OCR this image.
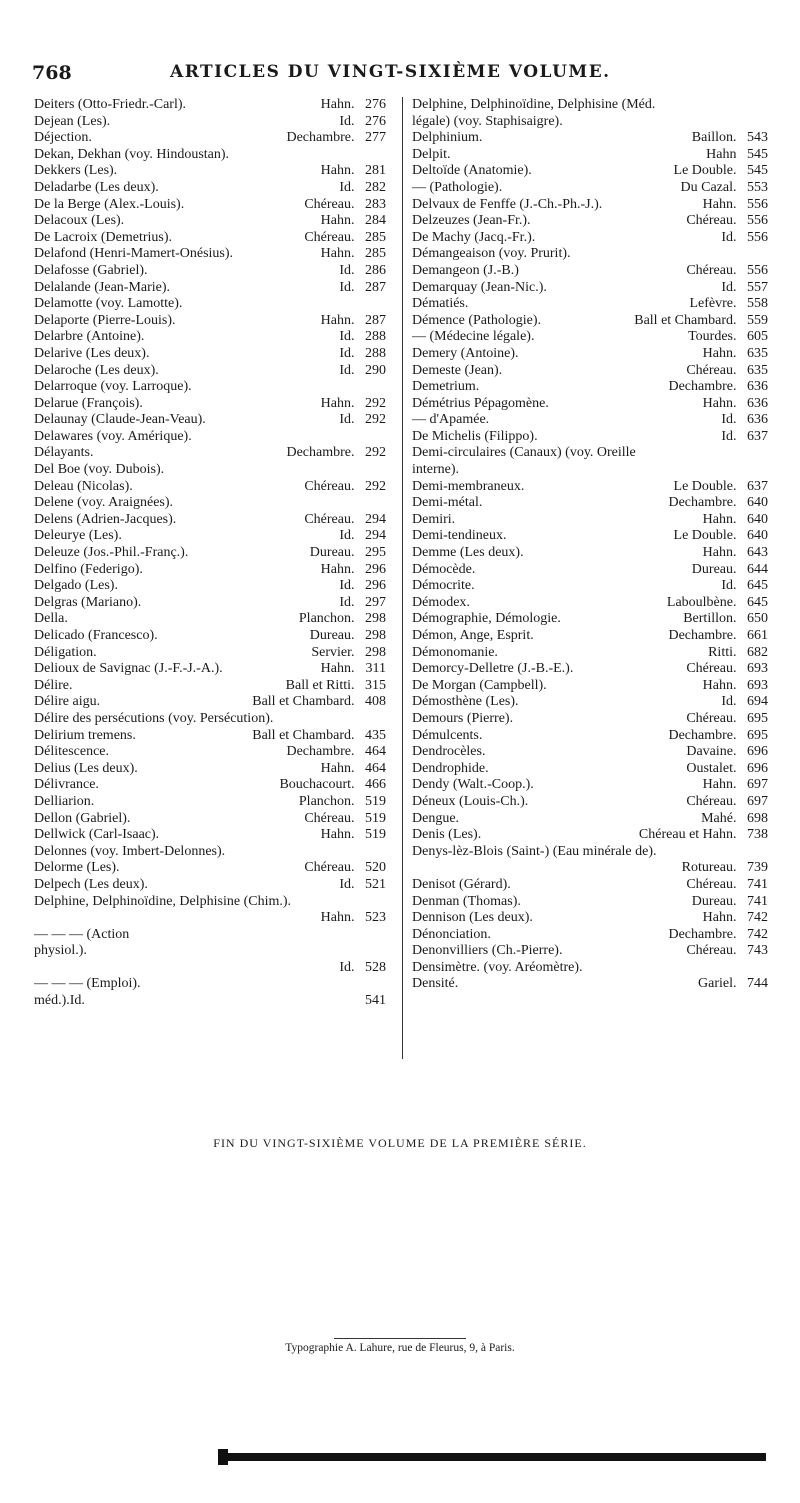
768	ARTICLES DU VINGT-SIXIÈME VOLUME.
Deiters (Otto-Friedr.-Carl).	Hahn. 276
Dejean (Les).	Id. 276
Déjection.	Dechambre. 277
Dekan, Dekhan (voy. Hindoustan).
Dekkers (Les).	Hahn. 281
Deladarbe (Les deux).	Id. 282
De la Berge (Alex.-Louis).	Chéreau. 283
Delacoux (Les).	Hahn. 284
De Lacroix (Demetrius).	Chéreau. 285
Delafond (Henri-Mamert-Onésius).	Hahn. 285
Delafosse (Gabriel).	Id. 286
Delalande (Jean-Marie).	Id. 287
Delamotte (voy. Lamotte).
Delaporte (Pierre-Louis).	Hahn. 287
Delarbre (Antoine).	Id. 288
Delarive (Les deux).	Id. 288
Delaroche (Les deux).	Id. 290
Delarroque (voy. Larroque).
Delarue (François).	Hahn. 292
Delaunay (Claude-Jean-Veau).	Id. 292
Delawares (voy. Amérique).
Délayants.	Dechambre. 292
Del Boe (voy. Dubois).
Deleau (Nicolas).	Chéreau. 292
Delene (voy. Araignées).
Delens (Adrien-Jacques).	Chéreau. 294
Deleurye (Les).	Id. 294
Deleuze (Jos.-Phil.-Franç.).	Dureau. 295
Delfino (Federigo).	Hahn. 296
Delgado (Les).	Id. 296
Delgras (Mariano).	Id. 297
Della.	Planchon. 298
Delicado (Francesco).	Dureau. 298
Déligation.	Servier. 298
Delioux de Savignac (J.-F.-J.-A.).	Hahn. 311
Délire.	Ball et Ritti. 315
Délire aigu.	Ball et Chambard. 408
Délire des persécutions (voy. Persécution).
Delirium tremens.	Ball et Chambard. 435
Délitescence.	Dechambre. 464
Delius (Les deux).	Hahn. 464
Délivrance.	Bouchacourt. 466
Delliarion.	Planchon. 519
Dellon (Gabriel).	Chéreau. 519
Dellwick (Carl-Isaac).	Hahn. 519
Delonnes (voy. Imbert-Delonnes).
Delorme (Les).	Chéreau. 520
Delpech (Les deux).	Id. 521
Delphine, Delphinoïdine, Delphisine (Chim.).
Hahn. 523
— — — (Action
physiol.).
Id. 528
— — — (Emploi).
méd.).Id.	541
Delphine, Delphinoïdine, Delphisine (Méd.
légale) (voy. Staphisaigre).
Delphinium.	Baillon. 543
Delpit.	Hahn 545
Deltoïde (Anatomie).	Le Double. 545
— (Pathologie).	Du Cazal. 553
Delvaux de Fenffe (J.-Ch.-Ph.-J.).	Hahn. 556
Delzeuzes (Jean-Fr.).	Chéreau. 556
De Machy (Jacq.-Fr.).	Id. 556
Démangeaison (voy. Prurit).
Demangeon (J.-B.)	Chéreau. 556
Demarquay (Jean-Nic.).	Id. 557
Dématiés.	Lefèvre. 558
Démence (Pathologie).	Ball et Chambard. 559
— (Médecine légale).	Tourdes. 605
Demery (Antoine).	Hahn. 635
Demeste (Jean).	Chéreau. 635
Demetrium.	Dechambre. 636
Démétrius Pépagomène.	Hahn. 636
— d'Apamée.	Id. 636
De Michelis (Filippo).	Id. 637
Demi-circulaires (Canaux) (voy. Oreille
interne).
Demi-membraneux.	Le Double. 637
Demi-métal.	Dechambre. 640
Demiri.	Hahn. 640
Demi-tendineux.	Le Double. 640
Demme (Les deux).	Hahn. 643
Démocède.	Dureau. 644
Démocrite.	Id. 645
Démodex.	Laboulbène. 645
Démographie, Démologie.	Bertillon. 650
Démon, Ange, Esprit.	Dechambre. 661
Démonomanie.	Ritti. 682
Demorcy-Delletre (J.-B.-E.).	Chéreau. 693
De Morgan (Campbell).	Hahn. 693
Démosthène (Les).	Id. 694
Demours (Pierre).	Chéreau. 695
Démulcents.	Dechambre. 695
Dendrocèles.	Davaine. 696
Dendrophide.	Oustalet. 696
Dendy (Walt.-Coop.).	Hahn. 697
Déneux (Louis-Ch.).	Chéreau. 697
Dengue.	Mahé. 698
Denis (Les).	Chéreau et Hahn. 738
Denys-lèz-Blois (Saint-) (Eau minérale de).
Rotureau. 739
Denisot (Gérard).	Chéreau. 741
Denman (Thomas).	Dureau. 741
Dennison (Les deux).	Hahn. 742
Dénonciation.	Dechambre. 742
Denonvilliers (Ch.-Pierre).	Chéreau. 743
Densimètre. (voy. Aréomètre).
Densité.	Gariel. 744
FIN DU VINGT-SIXIÈME VOLUME DE LA PREMIÈRE SÉRIE.
Typographie A. Lahure, rue de Fleurus, 9, à Paris.
